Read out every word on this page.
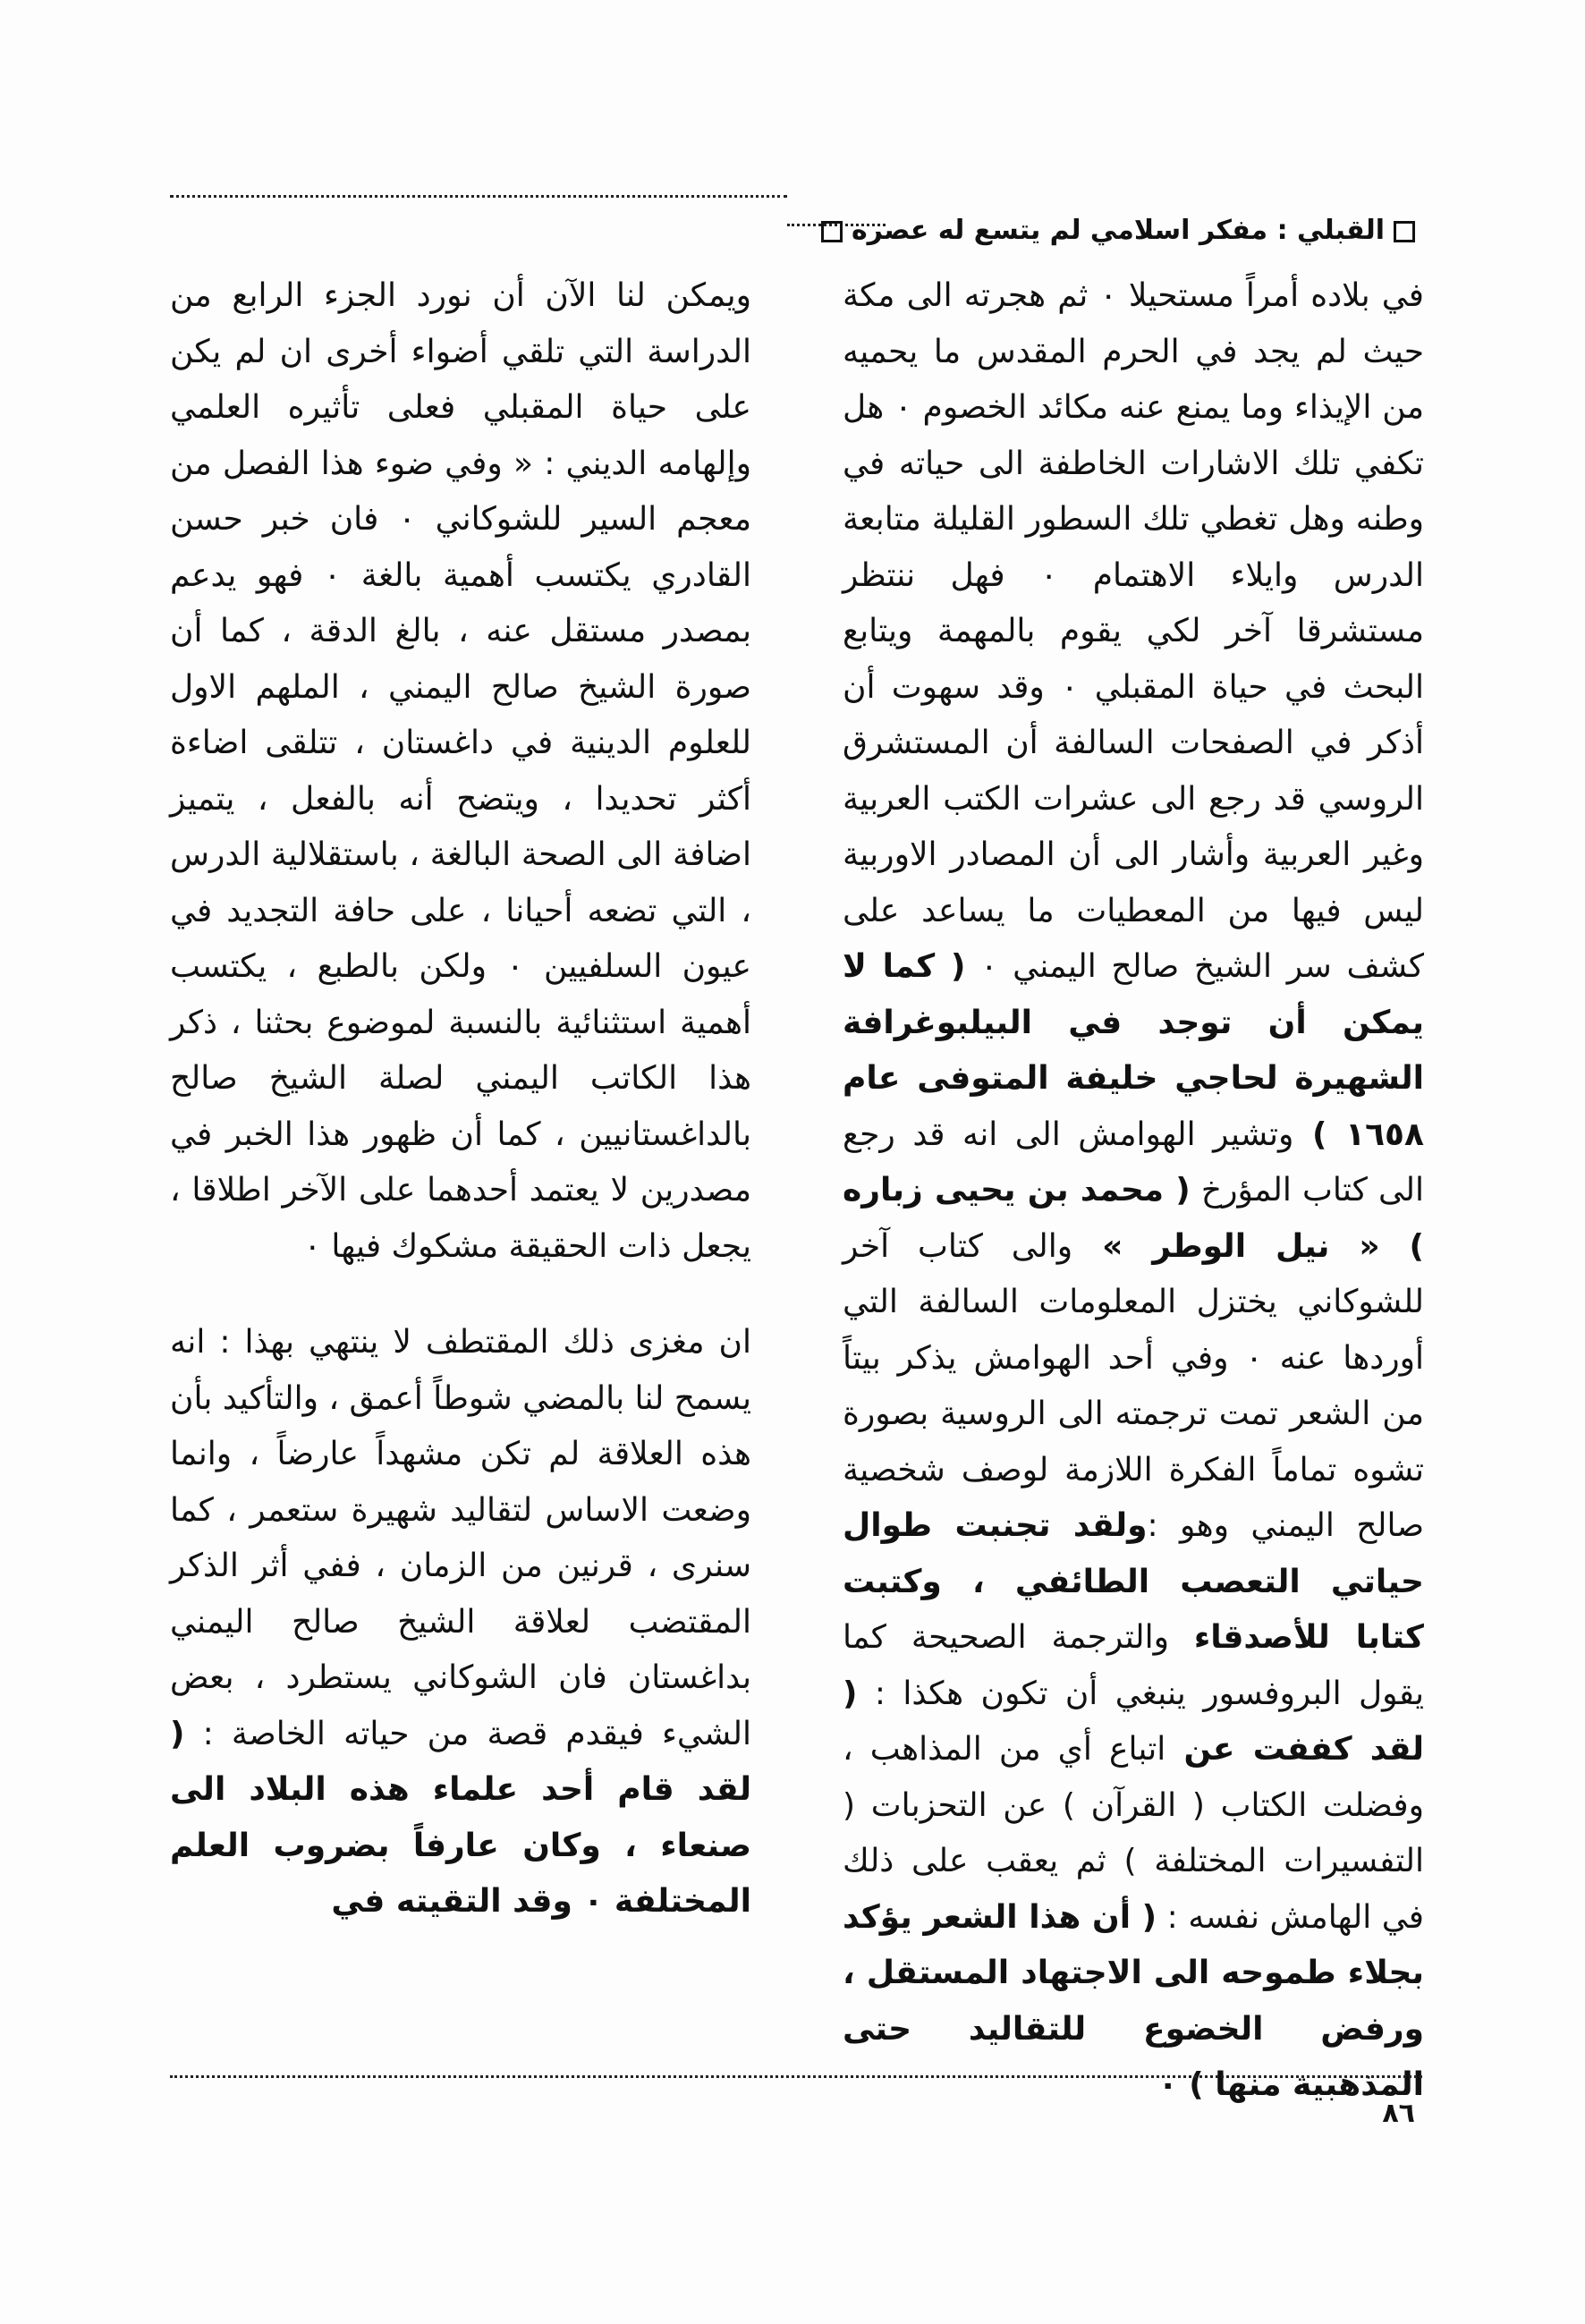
القبلي : مفكر اسلامي لم يتسع له عصره

في بلاده أمراً مستحيلا ٠ ثم هجرته الى مكة حيث لم يجد في الحرم المقدس ما يحميه من الإيذاء وما يمنع عنه مكائد الخصوم ٠ هل تكفي تلك الاشارات الخاطفة الى حياته في وطنه وهل تغطي تلك السطور القليلة متابعة الدرس وايلاء الاهتمام ٠ فهل ننتظر مستشرقا آخر لكي يقوم بالمهمة ويتابع البحث في حياة المقبلي ٠ وقد سهوت أن أذكر في الصفحات السالفة أن المستشرق الروسي قد رجع الى عشرات الكتب العربية وغير العربية وأشار الى أن المصادر الاوربية ليس فيها من المعطيات ما يساعد على كشف سر الشيخ صالح اليمني ٠ ( كما لا يمكن أن توجد في البيلبوغرافة الشهيرة لحاجي خليفة المتوفى عام ١٦٥٨ ) وتشير الهوامش الى انه قد رجع الى كتاب المؤرخ ( محمد بن يحيى زباره ) « نيل الوطر » والى كتاب آخر للشوكاني يختزل المعلومات السالفة التي أوردها عنه ٠ وفي أحد الهوامش يذكر بيتاً من الشعر تمت ترجمته الى الروسية بصورة تشوه تماماً الفكرة اللازمة لوصف شخصية صالح اليمني وهو :ولقد تجنبت طوال حياتي التعصب الطائفي ، وكتبت كتابا للأصدقاء والترجمة الصحيحة كما يقول البروفسور ينبغي أن تكون هكذا : ( لقد كففت عن اتباع أي من المذاهب ، وفضلت الكتاب ( القرآن ) عن التحزبات ( التفسيرات المختلفة ) ثم يعقب على ذلك في الهامش نفسه : ( أن هذا الشعر يؤكد بجلاء طموحه الى الاجتهاد المستقل ، ورفض الخضوع للتقاليد حتى المذهبية منها ) ٠

ويمكن لنا الآن أن نورد الجزء الرابع من الدراسة التي تلقي أضواء أخرى ان لم يكن على حياة المقبلي فعلى تأثيره العلمي وإلهامه الديني : « وفي ضوء هذا الفصل من معجم السير للشوكاني ٠ فان خبر حسن القادري يكتسب أهمية بالغة ٠ فهو يدعم بمصدر مستقل عنه ، بالغ الدقة ، كما أن صورة الشيخ صالح اليمني ، الملهم الاول للعلوم الدينية في داغستان ، تتلقى اضاءة أكثر تحديدا ، ويتضح أنه بالفعل ، يتميز اضافة الى الصحة البالغة ، باستقلالية الدرس ، التي تضعه أحيانا ، على حافة التجديد في عيون السلفيين ٠ ولكن بالطبع ، يكتسب أهمية استثنائية بالنسبة لموضوع بحثنا ، ذكر هذا الكاتب اليمني لصلة الشيخ صالح بالداغستانيين ، كما أن ظهور هذا الخبر في مصدرين لا يعتمد أحدهما على الآخر اطلاقا ، يجعل ذات الحقيقة مشكوك فيها ٠

ان مغزى ذلك المقتطف لا ينتهي بهذا : انه يسمح لنا بالمضي شوطاً أعمق ، والتأكيد بأن هذه العلاقة لم تكن مشهداً عارضاً ، وانما وضعت الاساس لتقاليد شهيرة ستعمر ، كما سنرى ، قرنين من الزمان ، ففي أثر الذكر المقتضب لعلاقة الشيخ صالح اليمني بداغستان فان الشوكاني يستطرد ، بعض الشيء فيقدم قصة من حياته الخاصة : ( لقد قام أحد علماء هذه البلاد الى صنعاء ، وكان عارفاً بضروب العلم المختلفة ٠ وقد التقيته في

٨٦
